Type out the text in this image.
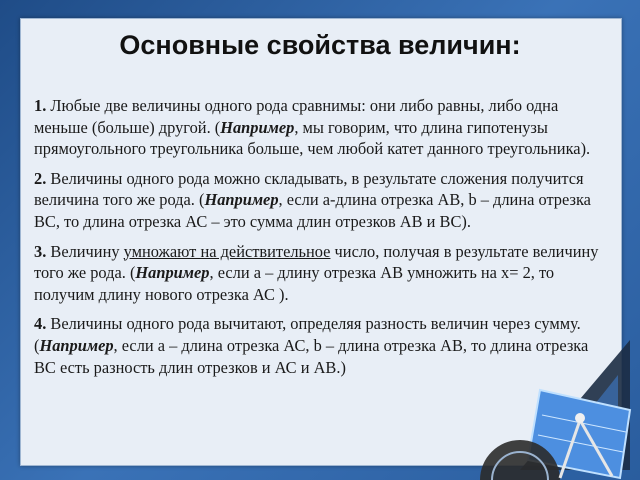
Основные свойства величин:
1. Любые две величины одного рода сравнимы: они либо равны, либо одна меньше (больше) другой. (Например, мы говорим, что длина гипотенузы прямоугольного треугольника больше, чем любой катет данного треугольника).
2. Величины одного рода можно складывать, в результате сложения получится величина того же рода. (Например, если а-длина отрезка АВ, b – длина отрезка ВС, то длина отрезка АС – это сумма длин отрезков АВ и ВС).
3. Величину умножают на действительное число, получая в результате величину того же рода. (Например, если а – длину отрезка АВ умножить на х= 2, то получим длину нового отрезка АС ).
4. Величины одного рода вычитают, определяя разность величин через сумму. (Например, если а – длина отрезка АС, b – длина отрезка АВ, то длина отрезка ВС есть разность длин отрезков и АС и АВ.)
